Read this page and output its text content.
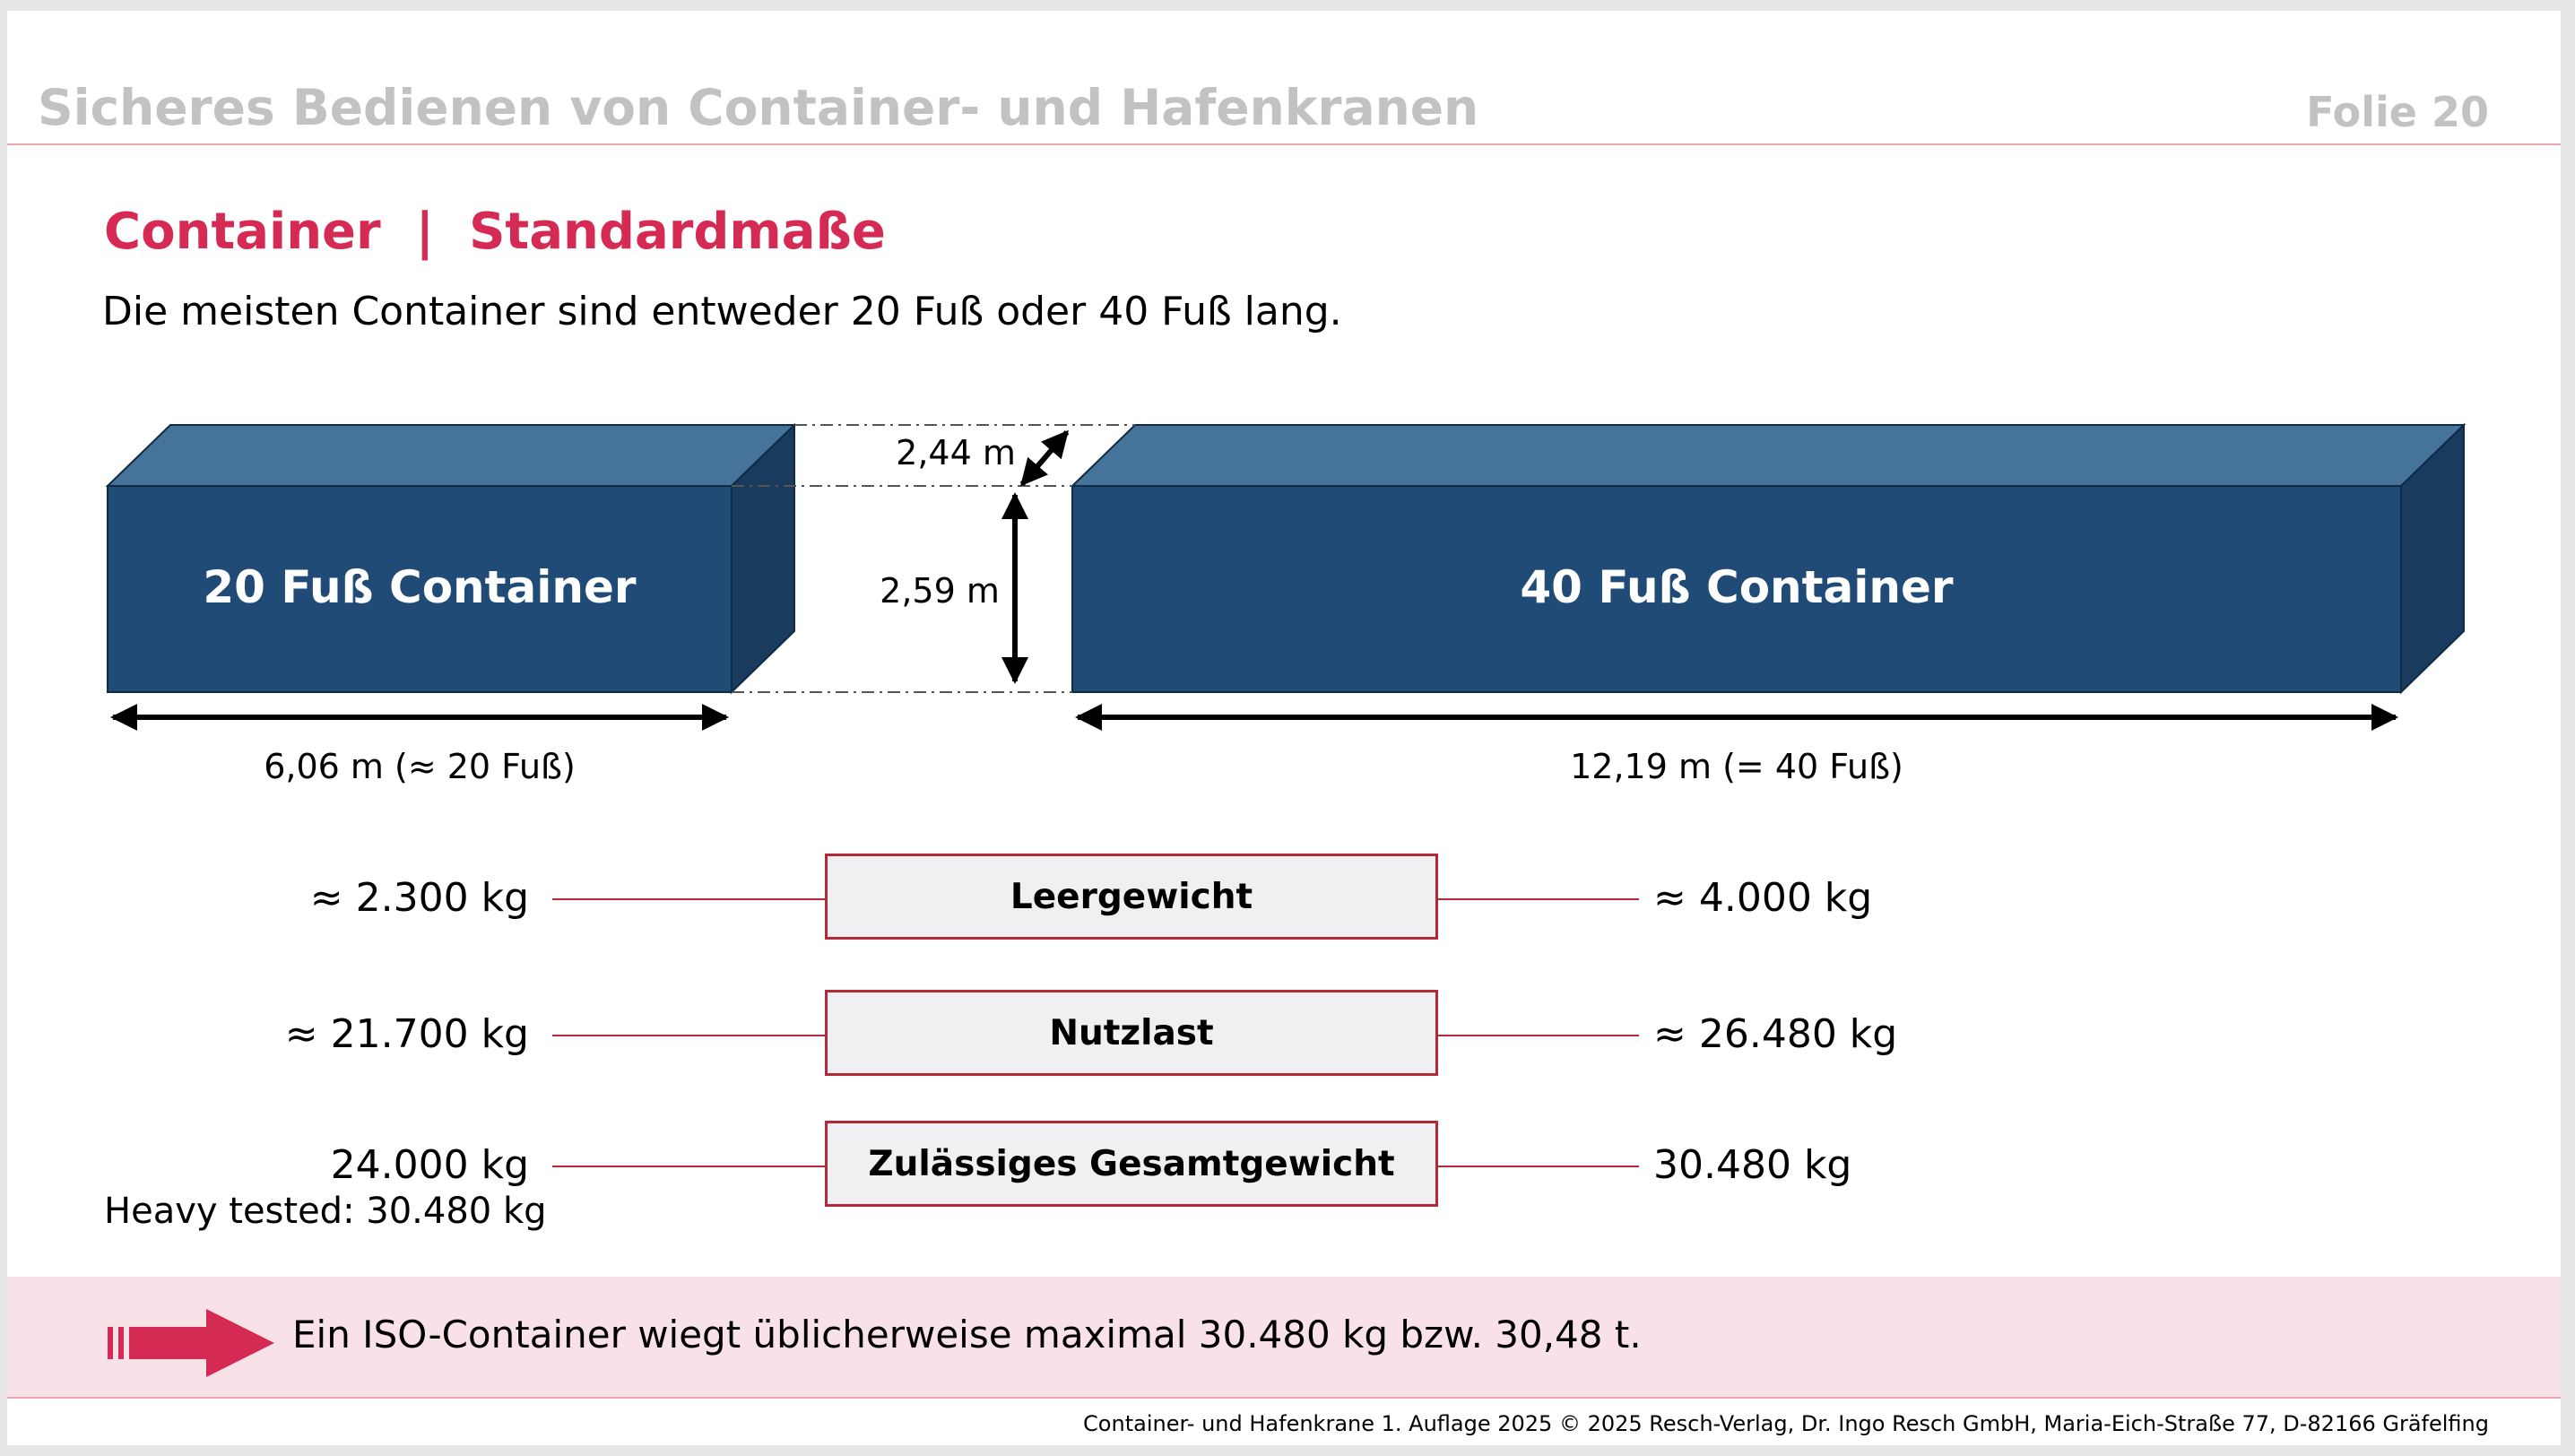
Sicheres Bedienen von Container- und Hafenkranen	Folie 20
Container  |  Standardmaße
Die meisten Container sind entweder 20 Fuß oder 40 Fuß lang.
20 Fuß Container	40 Fuß Container
2,44 m
2,59 m
6,06 m (≈ 20 Fuß)	12,19 m (= 40 Fuß)
≈ 2.300 kg	Leergewicht	≈ 4.000 kg
≈ 21.700 kg	Nutzlast	≈ 26.480 kg
24.000 kg	Zulässiges Gesamtgewicht	30.480 kg
Heavy tested: 30.480 kg
Ein ISO-Container wiegt üblicherweise maximal 30.480 kg bzw. 30,48 t.
Container- und Hafenkrane 1. Auflage 2025 © 2025 Resch-Verlag, Dr. Ingo Resch GmbH, Maria-Eich-Straße 77, D-82166 Gräfelfing
